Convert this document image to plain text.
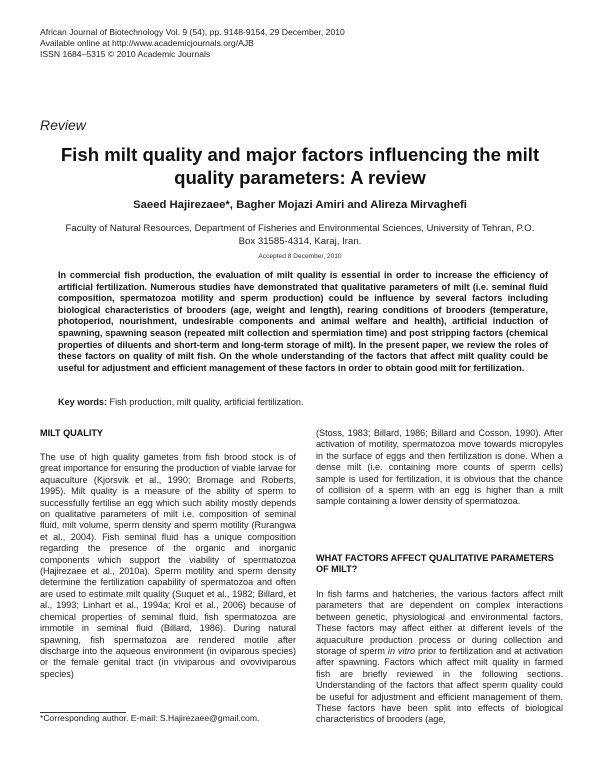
African Journal of Biotechnology Vol. 9 (54), pp. 9148-9154, 29 December, 2010
Available online at http://www.academicjournals.org/AJB
ISSN 1684–5315 © 2010 Academic Journals
Review
Fish milt quality and major factors influencing the milt quality parameters: A review
Saeed Hajirezaee*, Bagher Mojazi Amiri and Alireza Mirvaghefi
Faculty of Natural Resources, Department of Fisheries and Environmental Sciences, University of Tehran, P.O. Box 31585-4314, Karaj, Iran.
Accepted 8 December, 2010
In commercial fish production, the evaluation of milt quality is essential in order to increase the efficiency of artificial fertilization. Numerous studies have demonstrated that qualitative parameters of milt (i.e. seminal fluid composition, spermatozoa motility and sperm production) could be influence by several factors including biological characteristics of brooders (age, weight and length), rearing conditions of brooders (temperature, photoperiod, nourishment, undesirable components and animal welfare and health), artificial induction of spawning, spawning season (repeated milt collection and spermiation time) and post stripping factors (chemical properties of diluents and short-term and long-term storage of milt). In the present paper, we review the roles of these factors on quality of milt fish. On the whole understanding of the factors that affect milt quality could be useful for adjustment and efficient management of these factors in order to obtain good milt for fertilization.
Key words: Fish production, milt quality, artificial fertilization.
MILT QUALITY
The use of high quality gametes from fish brood stock is of great importance for ensuring the production of viable larvae for aquaculture (Kjorsvik et al., 1990; Bromage and Roberts, 1995). Milt quality is a measure of the ability of sperm to successfully fertilise an egg which such ability mostly depends on qualitative parameters of milt i.e. composition of seminal fluid, milt volume, sperm density and sperm motility (Rurangwa et al., 2004). Fish seminal fluid has a unique composition regarding the presence of the organic and inorganic components which support the viability of spermatozoa (Hajirezaee et al., 2010a). Sperm motility and sperm density determine the fertilization capability of spermatozoa and often are used to estimate milt quality (Suquet et al., 1982; Billard, et al., 1993; Linhart et al., 1994a; Krol et al., 2006) because of chemical properties of seminal fluid, fish spermatozoa are immotile in seminal fluid (Billard, 1986). During natural spawning, fish spermatozoa are rendered motile after discharge into the aqueous environment (in oviparous species) or the female genital tract (in viviparous and ovoviviparous species)
(Stoss, 1983; Billard, 1986; Billard and Cosson, 1990). After activation of motility, spermatozoa move towards micropyles in the surface of eggs and then fertilization is done. When a dense milt (i.e. containing more counts of sperm cells) sample is used for fertilization, it is obvious that the chance of collision of a sperm with an egg is higher than a milt sample containing a lower density of spermatozoa.
WHAT FACTORS AFFECT QUALITATIVE PARAMETERS OF MILT?
In fish farms and hatcheries, the various factors affect milt parameters that are dependent on complex interactions between genetic, physiological and environmental factors. These factors may affect either at different levels of the aquaculture production process or during collection and storage of sperm in vitro prior to fertilization and at activation after spawning. Factors which affect milt quality in farmed fish are briefly reviewed in the following sections. Understanding of the factors that affect sperm quality could be useful for adjustment and efficient management of them. These factors have been split into effects of biological characteristics of brooders (age,
*Corresponding author. E-mail: S.Hajirezaee@gmail.com.
